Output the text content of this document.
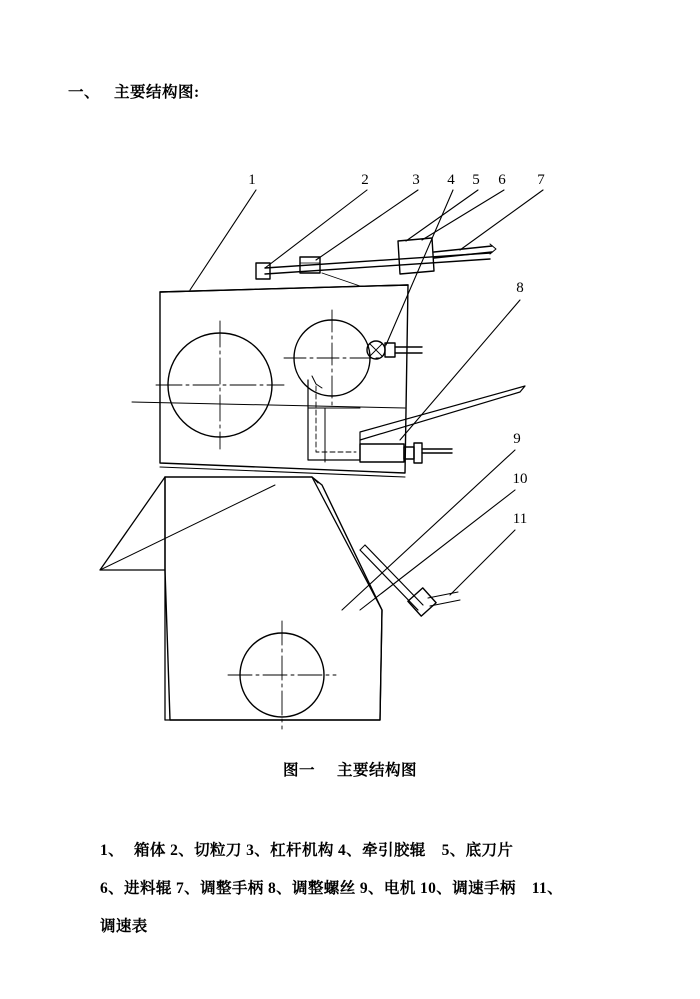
一、 主要结构图:
1	2	3 4 5 6 7
8
9
10
11
图一 主要结构图
1、 箱体 2、切粒刀 3、杠杆机构 4、牵引胶辊　5、底刀片
6、进料辊 7、调整手柄 8、调整螺丝 9、电机 10、调速手柄　11、
调速表
